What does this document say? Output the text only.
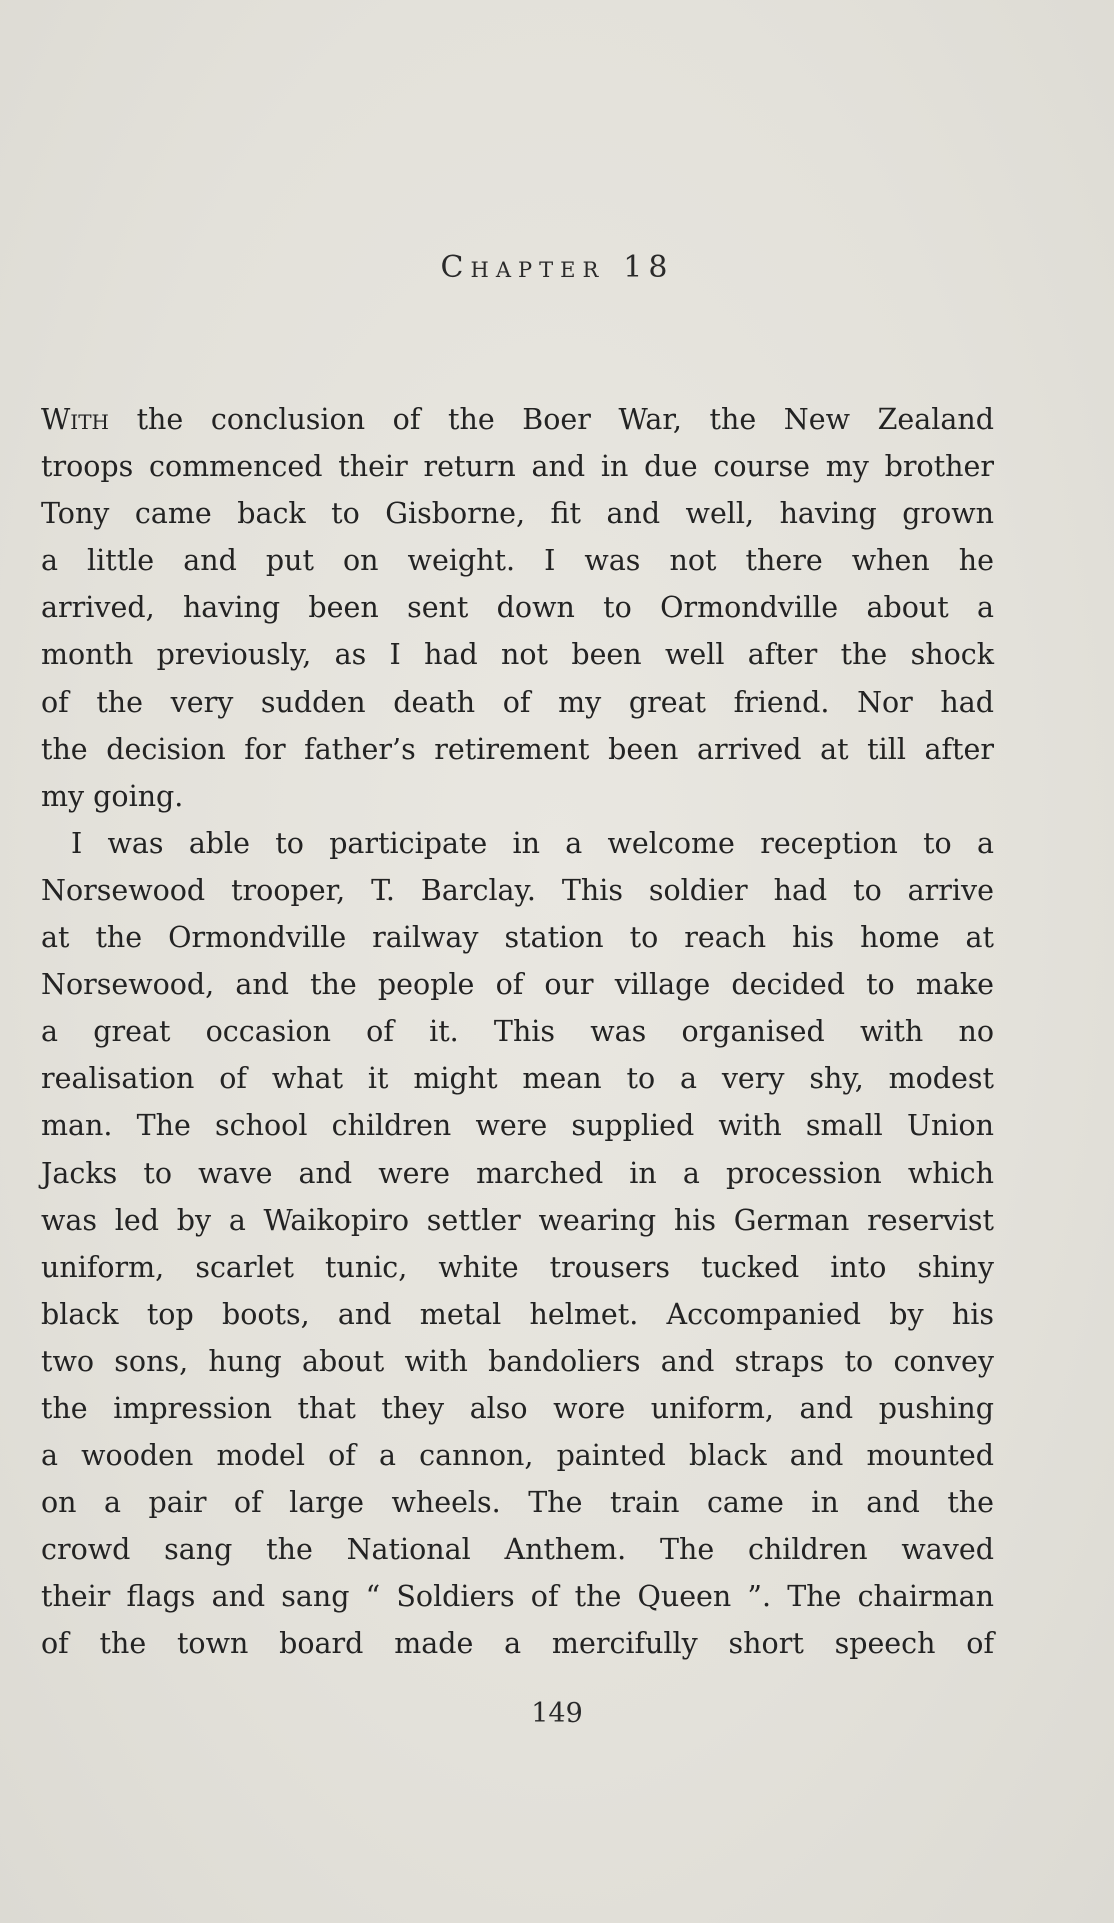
Chapter 18
With the conclusion of the Boer War, the New Zealand
troops commenced their return and in due course my brother
Tony came back to Gisborne, fit and well, having grown
a little and put on weight. I was not there when he
arrived, having been sent down to Ormondville about a
month previously, as I had not been well after the shock
of the very sudden death of my great friend. Nor had
the decision for father’s retirement been arrived at till after
my going.
I was able to participate in a welcome reception to a
Norsewood trooper, T. Barclay. This soldier had to arrive
at the Ormondville railway station to reach his home at
Norsewood, and the people of our village decided to make
a great occasion of it. This was organised with no
realisation of what it might mean to a very shy, modest
man. The school children were supplied with small Union
Jacks to wave and were marched in a procession which
was led by a Waikopiro settler wearing his German reservist
uniform, scarlet tunic, white trousers tucked into shiny
black top boots, and metal helmet. Accompanied by his
two sons, hung about with bandoliers and straps to convey
the impression that they also wore uniform, and pushing
a wooden model of a cannon, painted black and mounted
on a pair of large wheels. The train came in and the
crowd sang the National Anthem. The children waved
their flags and sang “ Soldiers of the Queen ”. The chairman
of the town board made a mercifully short speech of
149
